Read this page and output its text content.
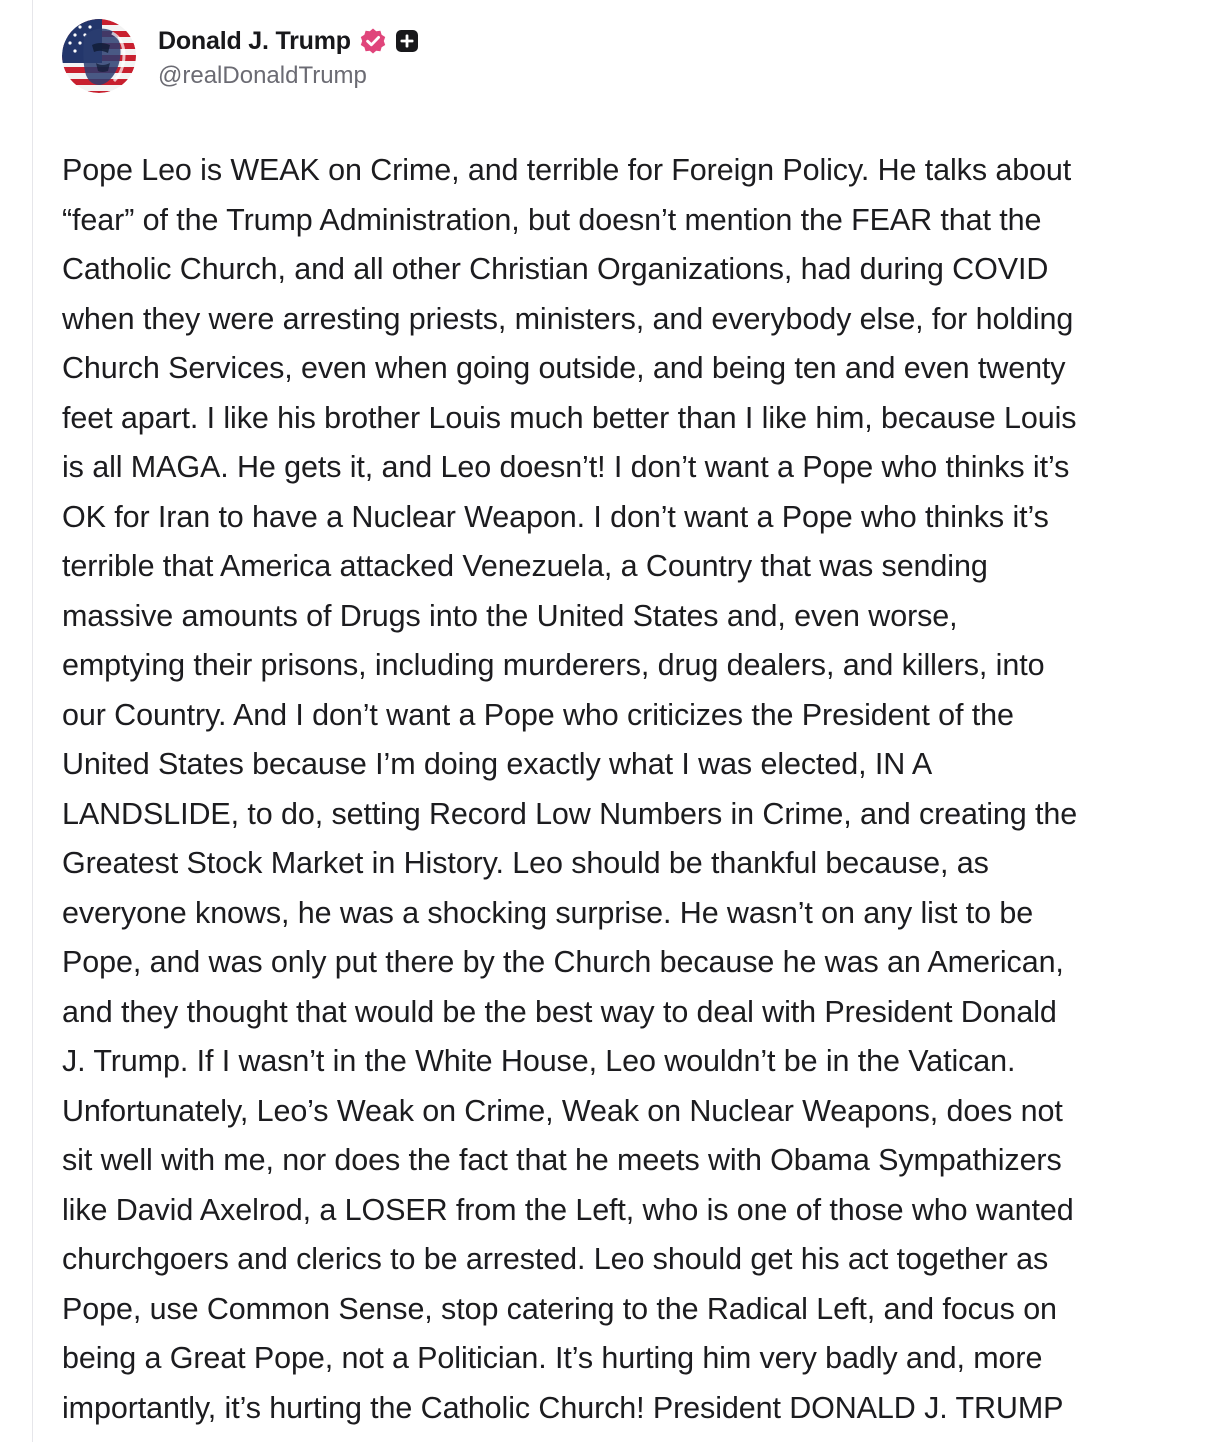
Donald J. Trump
@realDonaldTrump
Pope Leo is WEAK on Crime, and terrible for Foreign Policy. He talks about
“fear” of the Trump Administration, but doesn’t mention the FEAR that the
Catholic Church, and all other Christian Organizations, had during COVID
when they were arresting priests, ministers, and everybody else, for holding
Church Services, even when going outside, and being ten and even twenty
feet apart. I like his brother Louis much better than I like him, because Louis
is all MAGA. He gets it, and Leo doesn’t! I don’t want a Pope who thinks it’s
OK for Iran to have a Nuclear Weapon. I don’t want a Pope who thinks it’s
terrible that America attacked Venezuela, a Country that was sending
massive amounts of Drugs into the United States and, even worse,
emptying their prisons, including murderers, drug dealers, and killers, into
our Country. And I don’t want a Pope who criticizes the President of the
United States because I’m doing exactly what I was elected, IN A
LANDSLIDE, to do, setting Record Low Numbers in Crime, and creating the
Greatest Stock Market in History. Leo should be thankful because, as
everyone knows, he was a shocking surprise. He wasn’t on any list to be
Pope, and was only put there by the Church because he was an American,
and they thought that would be the best way to deal with President Donald
J. Trump. If I wasn’t in the White House, Leo wouldn’t be in the Vatican.
Unfortunately, Leo’s Weak on Crime, Weak on Nuclear Weapons, does not
sit well with me, nor does the fact that he meets with Obama Sympathizers
like David Axelrod, a LOSER from the Left, who is one of those who wanted
churchgoers and clerics to be arrested. Leo should get his act together as
Pope, use Common Sense, stop catering to the Radical Left, and focus on
being a Great Pope, not a Politician. It’s hurting him very badly and, more
importantly, it’s hurting the Catholic Church! President DONALD J. TRUMP
